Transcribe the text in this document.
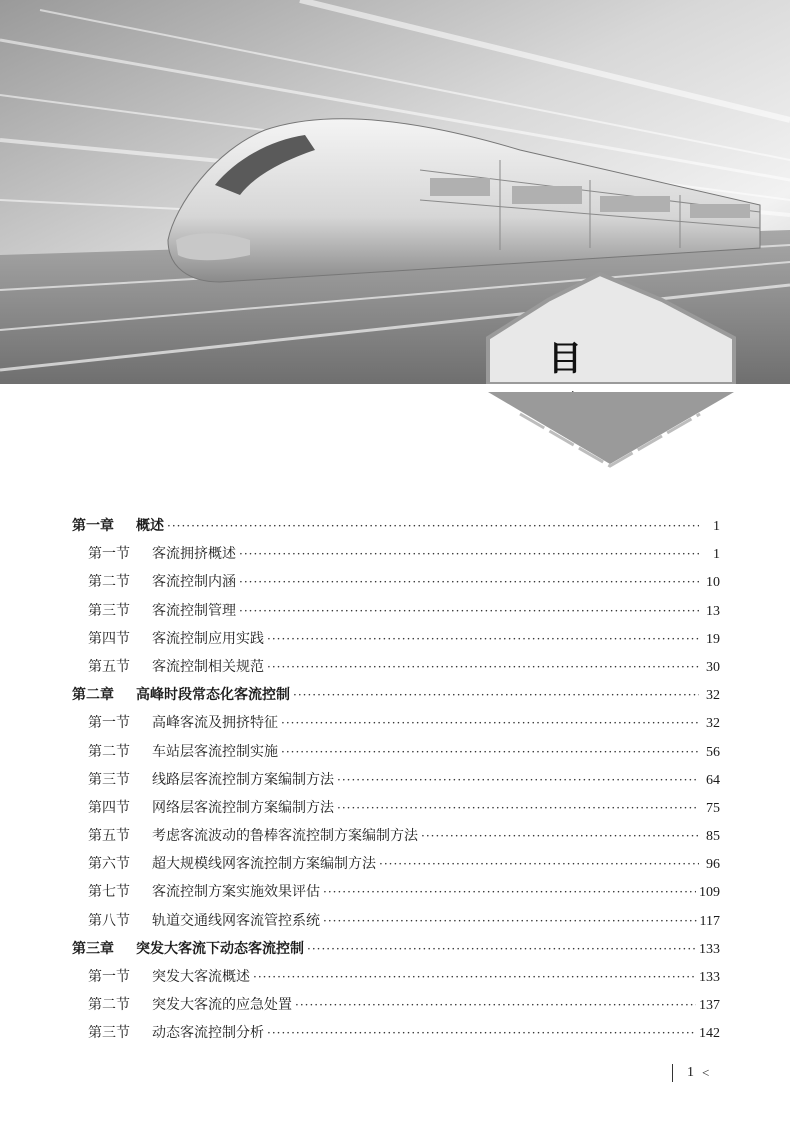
目
第一章	概述 ·····	1
第一节	客流拥挤概述 ·····	1
第二节	客流控制内涵 ·····	10
第三节	客流控制管理 ·····	13
第四节	客流控制应用实践 ·····	19
第五节	客流控制相关规范 ·····	30
第二章	高峰时段常态化客流控制 ·····	32
第一节	高峰客流及拥挤特征 ·····	32
第二节	车站层客流控制实施 ·····	56
第三节	线路层客流控制方案编制方法 ·····	64
第四节	网络层客流控制方案编制方法 ·····	75
第五节	考虑客流波动的鲁棒客流控制方案编制方法 ·····	85
第六节	超大规模线网客流控制方案编制方法 ·····	96
第七节	客流控制方案实施效果评估 ·····	109
第八节	轨道交通线网客流管控系统 ·····	117
第三章	突发大客流下动态客流控制 ·····	133
第一节	突发大客流概述 ·····	133
第二节	突发大客流的应急处置 ·····	137
第三节	动态客流控制分析 ·····	142
1 <
